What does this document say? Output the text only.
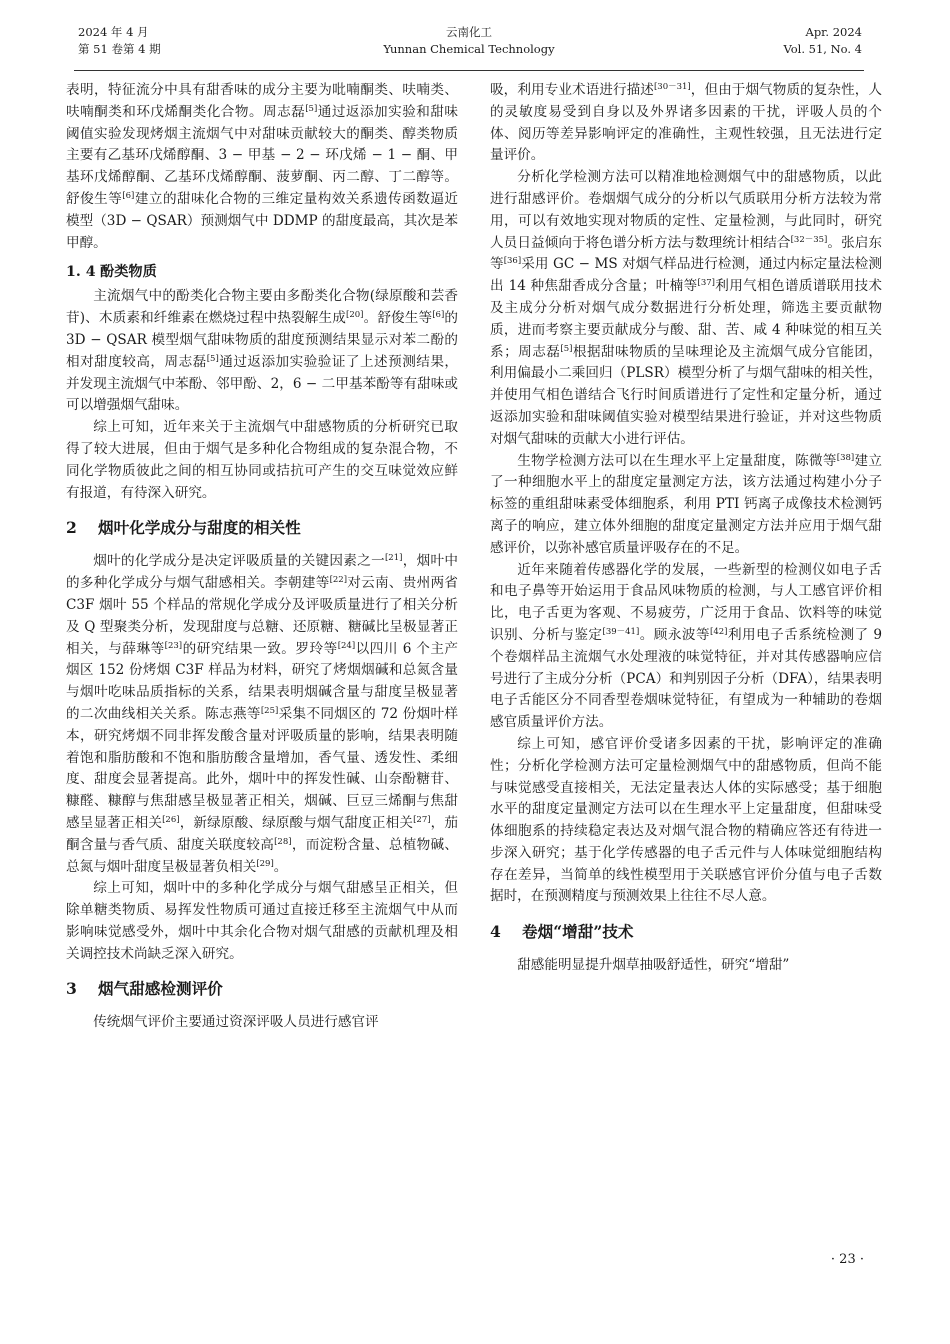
2024 年 4 月
第 51 卷第 4 期
云南化工
Yunnan Chemical Technology
Apr. 2024
Vol. 51, No. 4

表明，特征流分中具有甜香味的成分主要为吡喃酮类、呋喃类、呋喃酮类和环戊烯酮类化合物。周志磊[5]通过返添加实验和甜味阈值实验发现烤烟主流烟气中对甜味贡献较大的酮类、醇类物质主要有乙基环戊烯醇酮、3 − 甲基 − 2 − 环戊烯 − 1 − 酮、甲基环戊烯醇酮、乙基环戊烯醇酮、菠萝酮、丙二醇、丁二醇等。舒俊生等[6]建立的甜味化合物的三维定量构效关系遗传函数逼近模型（3D − QSAR）预测烟气中 DDMP 的甜度最高，其次是苯甲醇。

1. 4 酚类物质

主流烟气中的酚类化合物主要由多酚类化合物(绿原酸和芸香苷)、木质素和纤维素在燃烧过程中热裂解生成[20]。舒俊生等[6]的 3D − QSAR 模型烟气甜味物质的甜度预测结果显示对苯二酚的相对甜度较高，周志磊[5]通过返添加实验验证了上述预测结果，并发现主流烟气中苯酚、邻甲酚、2，6 − 二甲基苯酚等有甜味或可以增强烟气甜味。

综上可知，近年来关于主流烟气中甜感物质的分析研究已取得了较大进展，但由于烟气是多种化合物组成的复杂混合物，不同化学物质彼此之间的相互协同或拮抗可产生的交互味觉效应鲜有报道，有待深入研究。

2 烟叶化学成分与甜度的相关性

烟叶的化学成分是决定评吸质量的关键因素之一[21]，烟叶中的多种化学成分与烟气甜感相关。李朝建等[22]对云南、贵州两省 C3F 烟叶 55 个样品的常规化学成分及评吸质量进行了相关分析及 Q 型聚类分析，发现甜度与总糖、还原糖、糖碱比呈极显著正相关，与薛琳等[23]的研究结果一致。罗玲等[24]以四川 6 个主产烟区 152 份烤烟 C3F 样品为材料，研究了烤烟烟碱和总氮含量与烟叶吃味品质指标的关系，结果表明烟碱含量与甜度呈极显著的二次曲线相关关系。陈志燕等[25]采集不同烟区的 72 份烟叶样本，研究烤烟不同非挥发酸含量对评吸质量的影响，结果表明随着饱和脂肪酸和不饱和脂肪酸含量增加，香气量、透发性、柔细度、甜度会显著提高。此外，烟叶中的挥发性碱、山奈酚糖苷、糠醛、糠醇与焦甜感呈极显著正相关，烟碱、巨豆三烯酮与焦甜感呈显著正相关[26]，新绿原酸、绿原酸与烟气甜度正相关[27]，茄酮含量与香气质、甜度关联度较高[28]，而淀粉含量、总植物碱、总氮与烟叶甜度呈极显著负相关[29]。

综上可知，烟叶中的多种化学成分与烟气甜感呈正相关，但除单糖类物质、易挥发性物质可通过直接迁移至主流烟气中从而影响味觉感受外，烟叶中其余化合物对烟气甜感的贡献机理及相关调控技术尚缺乏深入研究。

3 烟气甜感检测评价

传统烟气评价主要通过资深评吸人员进行感官评

吸，利用专业术语进行描述[30－31]，但由于烟气物质的复杂性，人的灵敏度易受到自身以及外界诸多因素的干扰，评吸人员的个体、阅历等差异影响评定的准确性，主观性较强，且无法进行定量评价。

分析化学检测方法可以精准地检测烟气中的甜感物质，以此进行甜感评价。卷烟烟气成分的分析以气质联用分析方法较为常用，可以有效地实现对物质的定性、定量检测，与此同时，研究人员日益倾向于将色谱分析方法与数理统计相结合[32－35]。张启东等[36]采用 GC − MS 对烟气样品进行检测，通过内标定量法检测出 14 种焦甜香成分含量；叶楠等[37]利用气相色谱质谱联用技术及主成分分析对烟气成分数据进行分析处理，筛选主要贡献物质，进而考察主要贡献成分与酸、甜、苦、咸 4 种味觉的相互关系；周志磊[5]根据甜味物质的呈味理论及主流烟气成分官能团，利用偏最小二乘回归（PLSR）模型分析了与烟气甜味的相关性，并使用气相色谱结合飞行时间质谱进行了定性和定量分析，通过返添加实验和甜味阈值实验对模型结果进行验证，并对这些物质对烟气甜味的贡献大小进行评估。

生物学检测方法可以在生理水平上定量甜度，陈微等[38]建立了一种细胞水平上的甜度定量测定方法，该方法通过构建小分子标签的重组甜味素受体细胞系，利用 PTI 钙离子成像技术检测钙离子的响应，建立体外细胞的甜度定量测定方法并应用于烟气甜感评价，以弥补感官质量评吸存在的不足。

近年来随着传感器化学的发展，一些新型的检测仪如电子舌和电子鼻等开始运用于食品风味物质的检测，与人工感官评价相比，电子舌更为客观、不易疲劳，广泛用于食品、饮料等的味觉识别、分析与鉴定[39－41]。顾永波等[42]利用电子舌系统检测了 9 个卷烟样品主流烟气水处理液的味觉特征，并对其传感器响应信号进行了主成分分析（PCA）和判别因子分析（DFA），结果表明电子舌能区分不同香型卷烟味觉特征，有望成为一种辅助的卷烟感官质量评价方法。

综上可知，感官评价受诸多因素的干扰，影响评定的准确性；分析化学检测方法可定量检测烟气中的甜感物质，但尚不能与味觉感受直接相关，无法定量表达人体的实际感受；基于细胞水平的甜度定量测定方法可以在生理水平上定量甜度，但甜味受体细胞系的持续稳定表达及对烟气混合物的精确应答还有待进一步深入研究；基于化学传感器的电子舌元件与人体味觉细胞结构存在差异，当简单的线性模型用于关联感官评价分值与电子舌数据时，在预测精度与预测效果上往往不尽人意。

4 卷烟“增甜”技术

甜感能明显提升烟草抽吸舒适性，研究“增甜”

· 23 ·
